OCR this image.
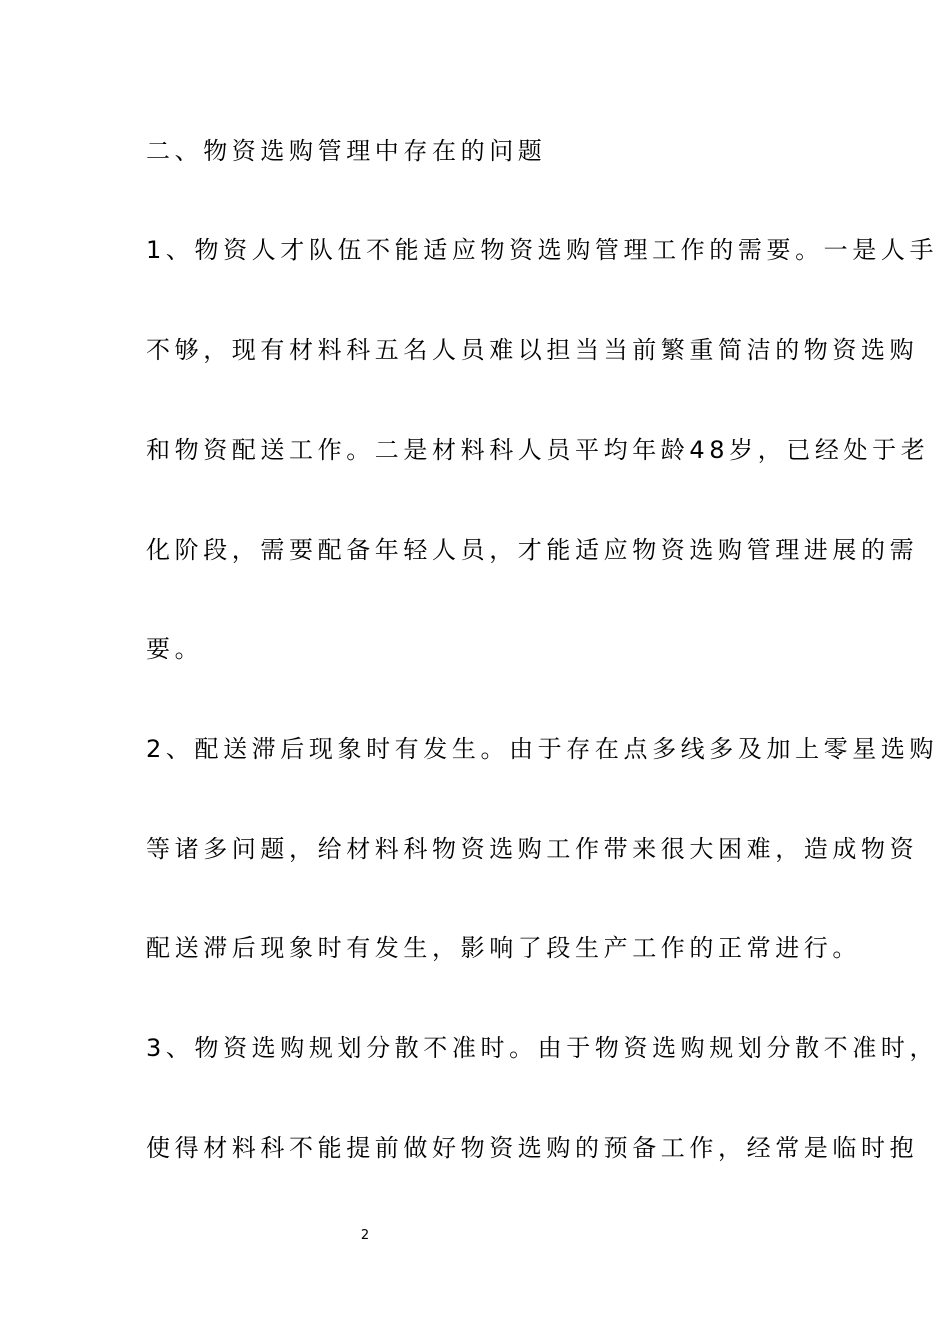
二、物资选购管理中存在的问题
1、物资人才队伍不能适应物资选购管理工作的需要。一是人手
不够，现有材料科五名人员难以担当当前繁重简洁的物资选购
和物资配送工作。二是材料科人员平均年龄48岁，已经处于老
化阶段，需要配备年轻人员，才能适应物资选购管理进展的需
要。
2、配送滞后现象时有发生。由于存在点多线多及加上零星选购
等诸多问题，给材料科物资选购工作带来很大困难，造成物资
配送滞后现象时有发生，影响了段生产工作的正常进行。
3、物资选购规划分散不准时。由于物资选购规划分散不准时，
使得材料科不能提前做好物资选购的预备工作，经常是临时抱
2
